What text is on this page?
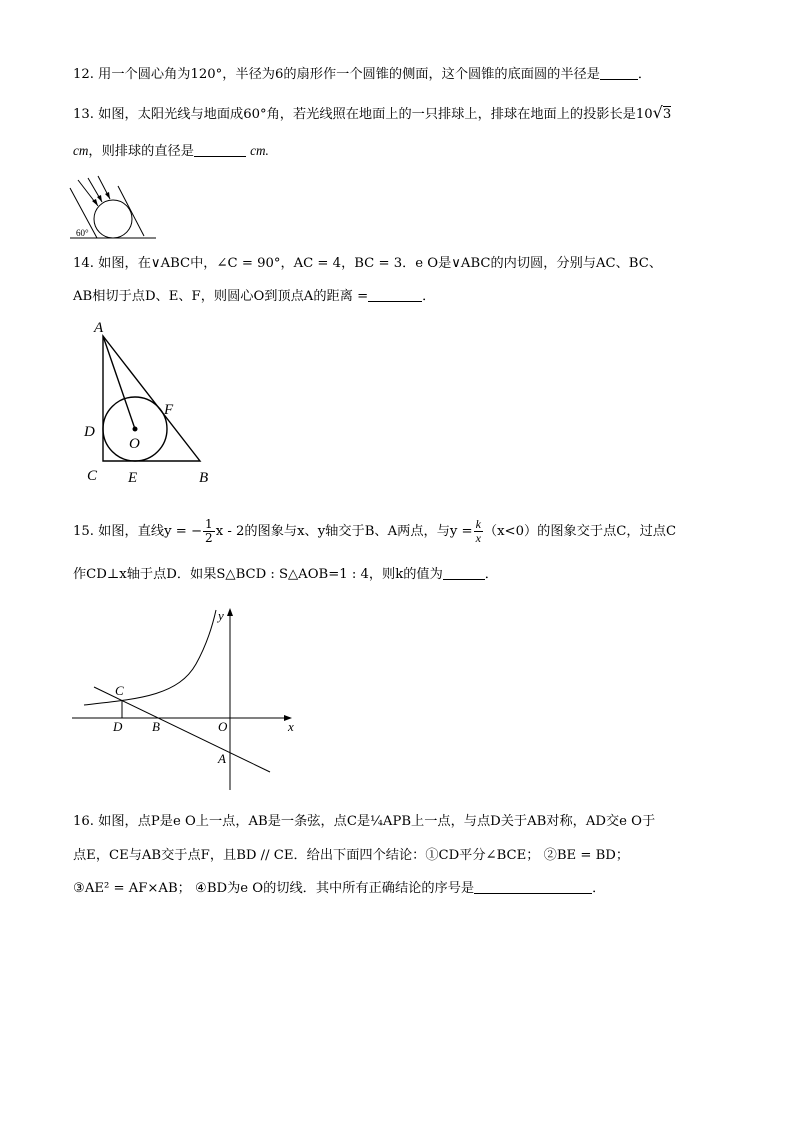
12. 用一个圆心角为120°，半径为6的扇形作一个圆锥的侧面，这个圆锥的底面圆的半径是	．
13. 如图，太阳光线与地面成60°角，若光线照在地面上的一只排球上，排球在地面上的投影长是10√3
cm，则排球的直径是	cm.
60°
14. 如图，在∨ABC中，∠C = 90°，AC = 4，BC = 3．e O是∨ABC的内切圆，分别与AC、BC、
AB相切于点D、E、F，则圆心O到顶点A的距离 =	．
A
F
D
O
C E	B
15. 如图，直线y = − $\frac{1}{2}$ x - 2的图象与x、y轴交于B、A两点，与$y = \frac{k}{x} (x<0)$的图象交于点C，过点C
作CD⊥x轴于点D．如果S△BCD : S△AOB=1 : 4，则k的值为	．
y
x
C
D B	O
A
16. 如图，点P是e O上一点，AB是一条弦，点C是¼APB上一点，与点D关于AB对称，AD交e O于
点E，CE与AB交于点F，且BD // CE．给出下面四个结论：①CD平分∠BCE； ②BE = BD；
③AE² = AF×AB； ④BD为e O的切线．其中所有正确结论的序号是	．
